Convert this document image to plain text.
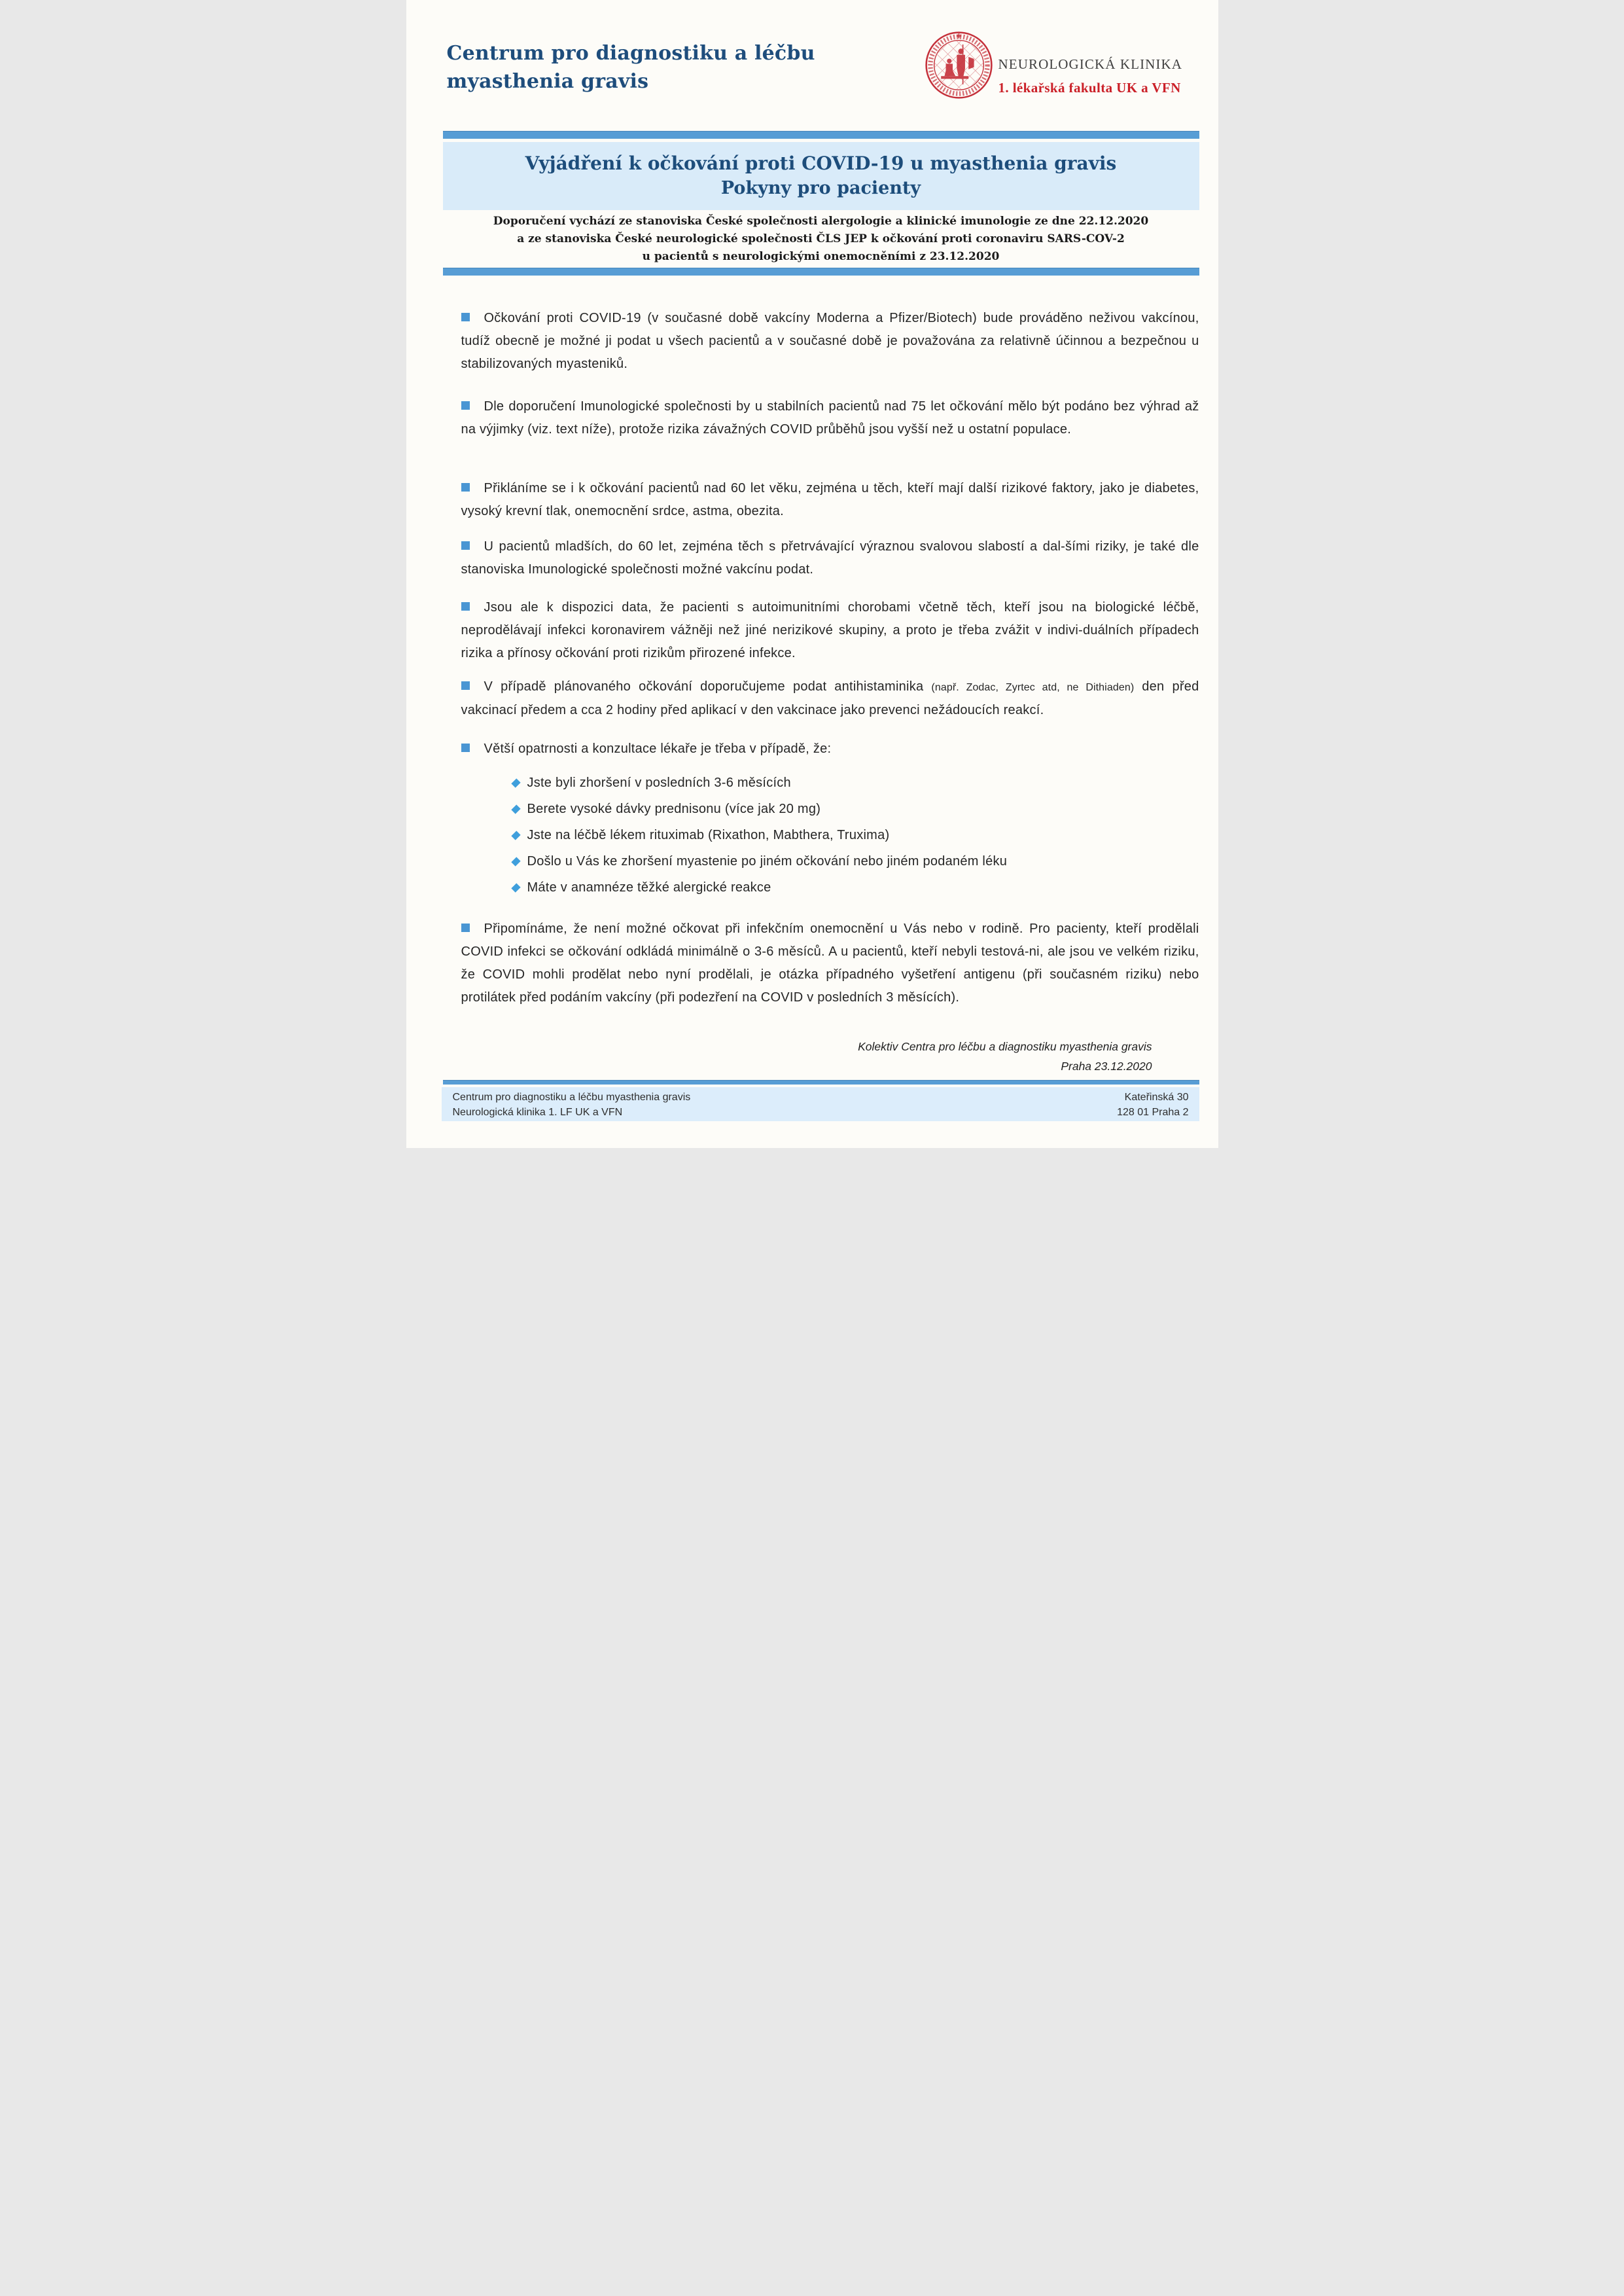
Centrum pro diagnostiku a léčbu
myasthenia gravis
NEUROLOGICKÁ KLINIKA
1. lékařská fakulta UK a VFN
Vyjádření k očkování proti COVID-19 u myasthenia gravis
Pokyny pro pacienty
Doporučení vychází ze stanoviska České společnosti alergologie a klinické imunologie ze dne 22.12.2020
a ze stanoviska České neurologické společnosti ČLS JEP k očkování proti coronaviru SARS-COV-2
u pacientů s neurologickými onemocněními z 23.12.2020

Očkování proti COVID-19 (v současné době vakcíny Moderna a Pfizer/Biotech) bude prováděno neživou vakcínou, tudíž obecně je možné ji podat u všech pacientů a v současné době je považována za relativně účinnou a bezpečnou u stabilizovaných myasteniků.

Dle doporučení Imunologické společnosti by u stabilních pacientů nad 75 let očkování mělo být podáno bez výhrad až na výjimky (viz. text níže), protože rizika závažných COVID průběhů jsou vyšší než u ostatní populace.

Přikláníme se i k očkování pacientů nad 60 let věku, zejména u těch, kteří mají další rizikové faktory, jako je diabetes, vysoký krevní tlak, onemocnění srdce, astma, obezita.

U pacientů mladších, do 60 let, zejména těch s přetrvávající výraznou svalovou slabostí a dal-šími riziky, je také dle stanoviska Imunologické společnosti možné vakcínu podat.

Jsou ale k dispozici data, že pacienti s autoimunitními chorobami včetně těch, kteří jsou na biologické léčbě, neprodělávají infekci koronavirem vážněji než jiné nerizikové skupiny, a proto je třeba zvážit v indivi-duálních případech rizika a přínosy očkování proti rizikům přirozené infekce.

V případě plánovaného očkování doporučujeme podat antihistaminika (např. Zodac, Zyrtec atd, ne Dithiaden) den před vakcinací předem a cca 2 hodiny před aplikací v den vakcinace jako prevenci nežádoucích reakcí.

Větší opatrnosti a konzultace lékaře je třeba v případě, že:

Jste byli zhoršení v posledních 3-6 měsících
Berete vysoké dávky prednisonu (více jak 20 mg)
Jste na léčbě lékem rituximab (Rixathon, Mabthera, Truxima)
Došlo u Vás ke zhoršení myastenie po jiném očkování nebo jiném podaném léku
Máte v anamnéze těžké alergické reakce

Připomínáme, že není možné očkovat při infekčním onemocnění u Vás nebo v rodině. Pro pacienty, kteří prodělali COVID infekci se očkování odkládá minimálně o 3-6 měsíců. A u pacientů, kteří nebyli testová-ni, ale jsou ve velkém riziku, že COVID mohli prodělat nebo nyní prodělali, je otázka případného vyšetření antigenu (při současném riziku) nebo protilátek před podáním vakcíny (při podezření na COVID v posledních 3 měsících).

Kolektiv Centra pro léčbu a diagnostiku myasthenia gravis
Praha 23.12.2020
Centrum pro diagnostiku a léčbu myasthenia gravis
Neurologická klinika 1. LF UK a VFN
Kateřinská 30
128 01 Praha 2
